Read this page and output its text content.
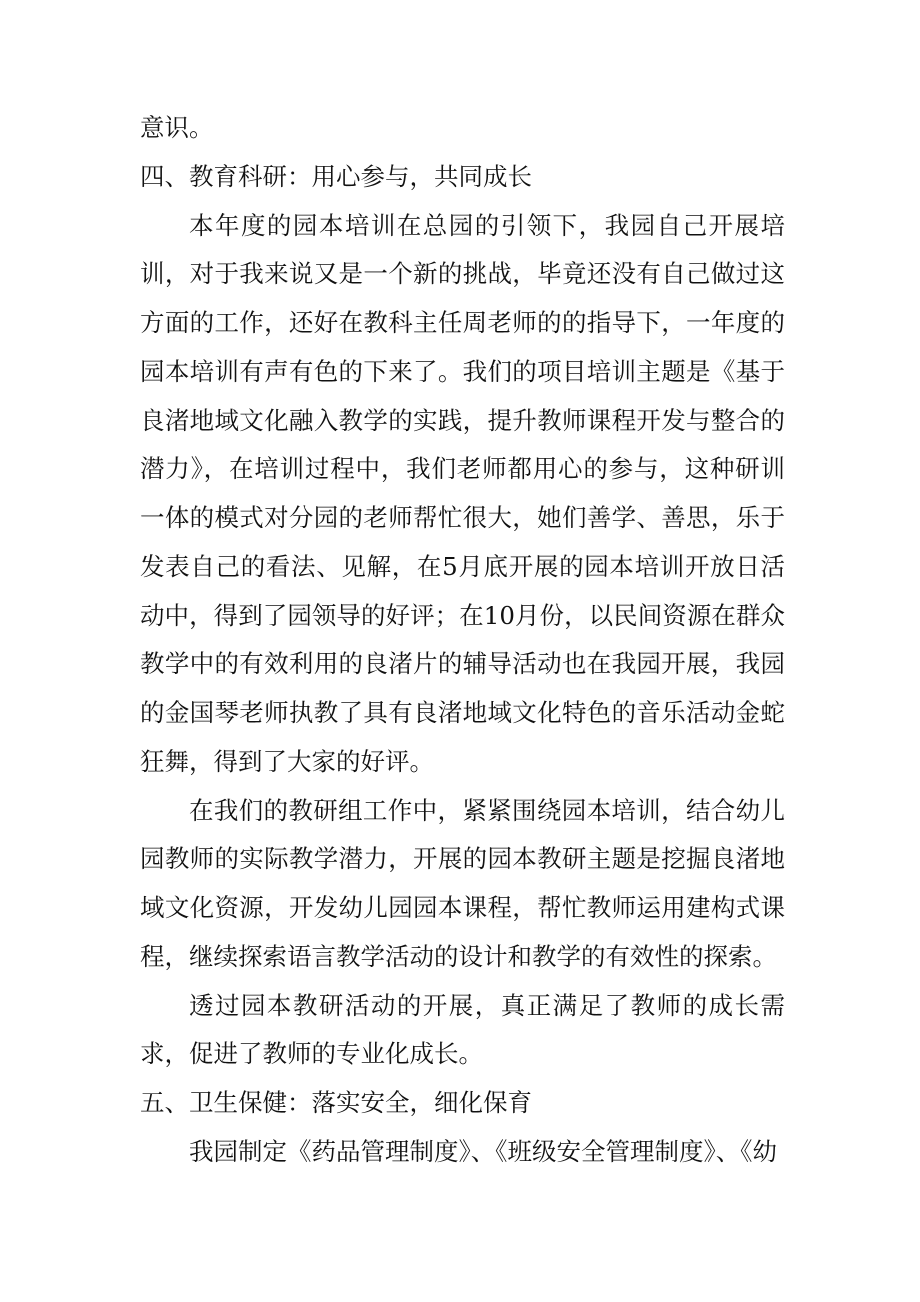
意识。

四、教育科研：用心参与，共同成长

本年度的园本培训在总园的引领下，我园自己开展培训，对于我来说又是一个新的挑战，毕竟还没有自己做过这方面的工作，还好在教科主任周老师的的指导下，一年度的园本培训有声有色的下来了。我们的项目培训主题是《基于良渚地域文化融入教学的实践，提升教师课程开发与整合的潜力》，在培训过程中，我们老师都用心的参与，这种研训一体的模式对分园的老师帮忙很大，她们善学、善思，乐于发表自己的看法、见解，在5月底开展的园本培训开放日活动中，得到了园领导的好评；在10月份，以民间资源在群众教学中的有效利用的良渚片的辅导活动也在我园开展，我园的金国琴老师执教了具有良渚地域文化特色的音乐活动金蛇狂舞，得到了大家的好评。

在我们的教研组工作中，紧紧围绕园本培训，结合幼儿园教师的实际教学潜力，开展的园本教研主题是挖掘良渚地域文化资源，开发幼儿园园本课程，帮忙教师运用建构式课程，继续探索语言教学活动的设计和教学的有效性的探索。

透过园本教研活动的开展，真正满足了教师的成长需求，促进了教师的专业化成长。

五、卫生保健：落实安全，细化保育

我园制定《药品管理制度》、《班级安全管理制度》、《幼
